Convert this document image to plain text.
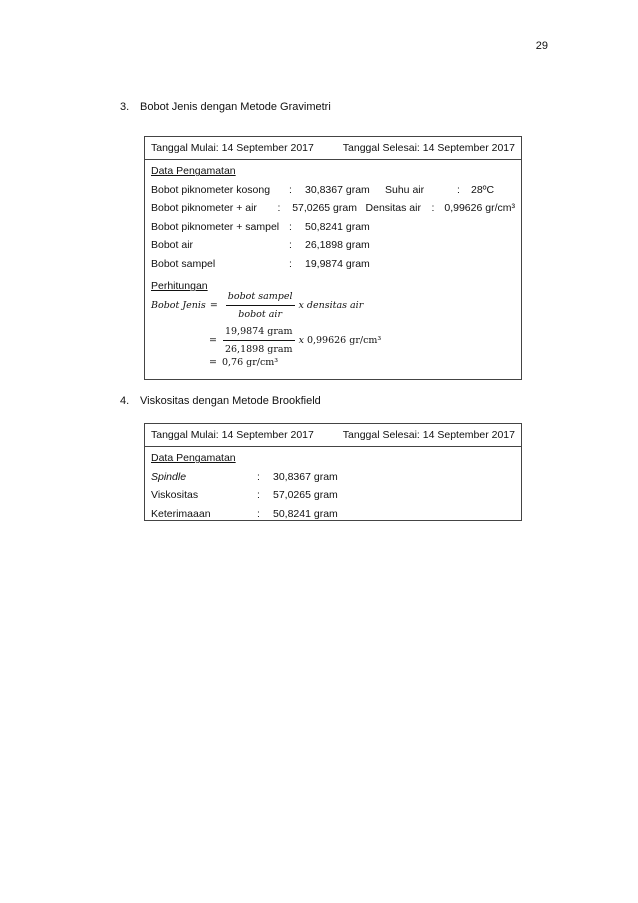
29
3. Bobot Jenis dengan Metode Gravimetri
Tanggal Mulai: 14 September 2017	Tanggal Selesai: 14 September 2017
Data Pengamatan
Bobot piknometer kosong	:	30,8367 gram	Suhu air	:	28ºC
Bobot piknometer + air	:	57,0265 gram Densitas air	: 0,99626 gr/cm³
Bobot piknometer + sampel :	50,8241 gram
Bobot air	:	26,1898 gram
Bobot sampel	:	19,9874 gram
Perhitungan
Bobot Jenis = $\frac{\text{bobot sampel}}{\text{bobot air}}$ x densitas air
= $\frac{\text{19,9874 gram}}{\text{26,1898 gram}}$ x 0,99626 gr/cm³
= 0,76 gr/cm³
4. Viskositas dengan Metode Brookfield
Tanggal Mulai: 14 September 2017	Tanggal Selesai: 14 September 2017
Data Pengamatan
Spindle	:	30,8367 gram
Viskositas	:	57,0265 gram
Keterimaaan	:	50,8241 gram
